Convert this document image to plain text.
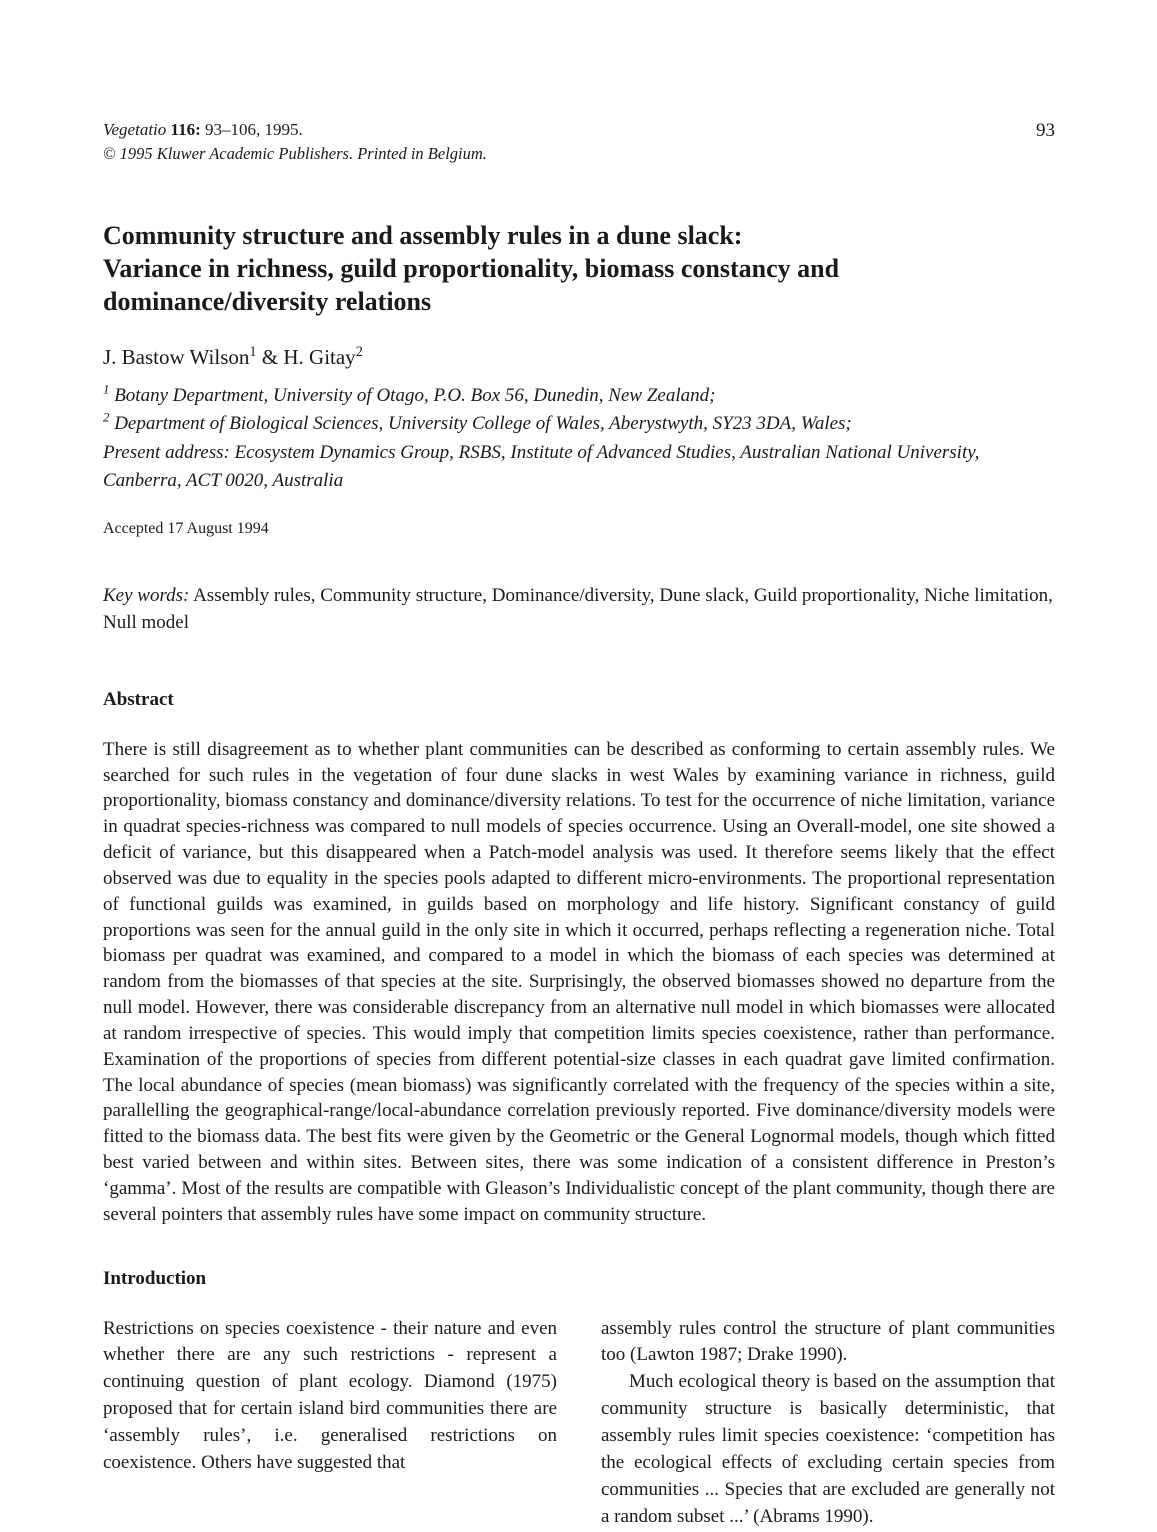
Vegetatio 116: 93–106, 1995.
© 1995 Kluwer Academic Publishers. Printed in Belgium.
93
Community structure and assembly rules in a dune slack:
Variance in richness, guild proportionality, biomass constancy and
dominance/diversity relations
J. Bastow Wilson$^1$ & H. Gitay$^2$
$^1$ Botany Department, University of Otago, P.O. Box 56, Dunedin, New Zealand;
$^2$ Department of Biological Sciences, University College of Wales, Aberystwyth, SY23 3DA, Wales;
Present address: Ecosystem Dynamics Group, RSBS, Institute of Advanced Studies, Australian National University, Canberra, ACT 0020, Australia
Accepted 17 August 1994
Key words: Assembly rules, Community structure, Dominance/diversity, Dune slack, Guild proportionality, Niche limitation, Null model
Abstract

There is still disagreement as to whether plant communities can be described as conforming to certain assembly rules. We searched for such rules in the vegetation of four dune slacks in west Wales by examining variance in richness, guild proportionality, biomass constancy and dominance/diversity relations. To test for the occurrence of niche limitation, variance in quadrat species-richness was compared to null models of species occurrence. Using an Overall-model, one site showed a deficit of variance, but this disappeared when a Patch-model analysis was used. It therefore seems likely that the effect observed was due to equality in the species pools adapted to different micro-environments. The proportional representation of functional guilds was examined, in guilds based on morphology and life history. Significant constancy of guild proportions was seen for the annual guild in the only site in which it occurred, perhaps reflecting a regeneration niche. Total biomass per quadrat was examined, and compared to a model in which the biomass of each species was determined at random from the biomasses of that species at the site. Surprisingly, the observed biomasses showed no departure from the null model. However, there was considerable discrepancy from an alternative null model in which biomasses were allocated at random irrespective of species. This would imply that competition limits species coexistence, rather than performance. Examination of the proportions of species from different potential-size classes in each quadrat gave limited confirmation. The local abundance of species (mean biomass) was significantly correlated with the frequency of the species within a site, parallelling the geographical-range/local-abundance correlation previously reported. Five dominance/diversity models were fitted to the biomass data. The best fits were given by the Geometric or the General Lognormal models, though which fitted best varied between and within sites. Between sites, there was some indication of a consistent difference in Preston’s ‘gamma’. Most of the results are compatible with Gleason’s Individualistic concept of the plant community, though there are several pointers that assembly rules have some impact on community structure.

Introduction

Restrictions on species coexistence - their nature and even whether there are any such restrictions - represent a continuing question of plant ecology. Diamond (1975) proposed that for certain island bird communities there are ‘assembly rules’, i.e. generalised restrictions on coexistence. Others have suggested that

assembly rules control the structure of plant communities too (Lawton 1987; Drake 1990).

Much ecological theory is based on the assumption that community structure is basically deterministic, that assembly rules limit species coexistence: ‘competition has the ecological effects of excluding certain species from communities ... Species that are excluded are generally not a random subset ...’ (Abrams 1990).
